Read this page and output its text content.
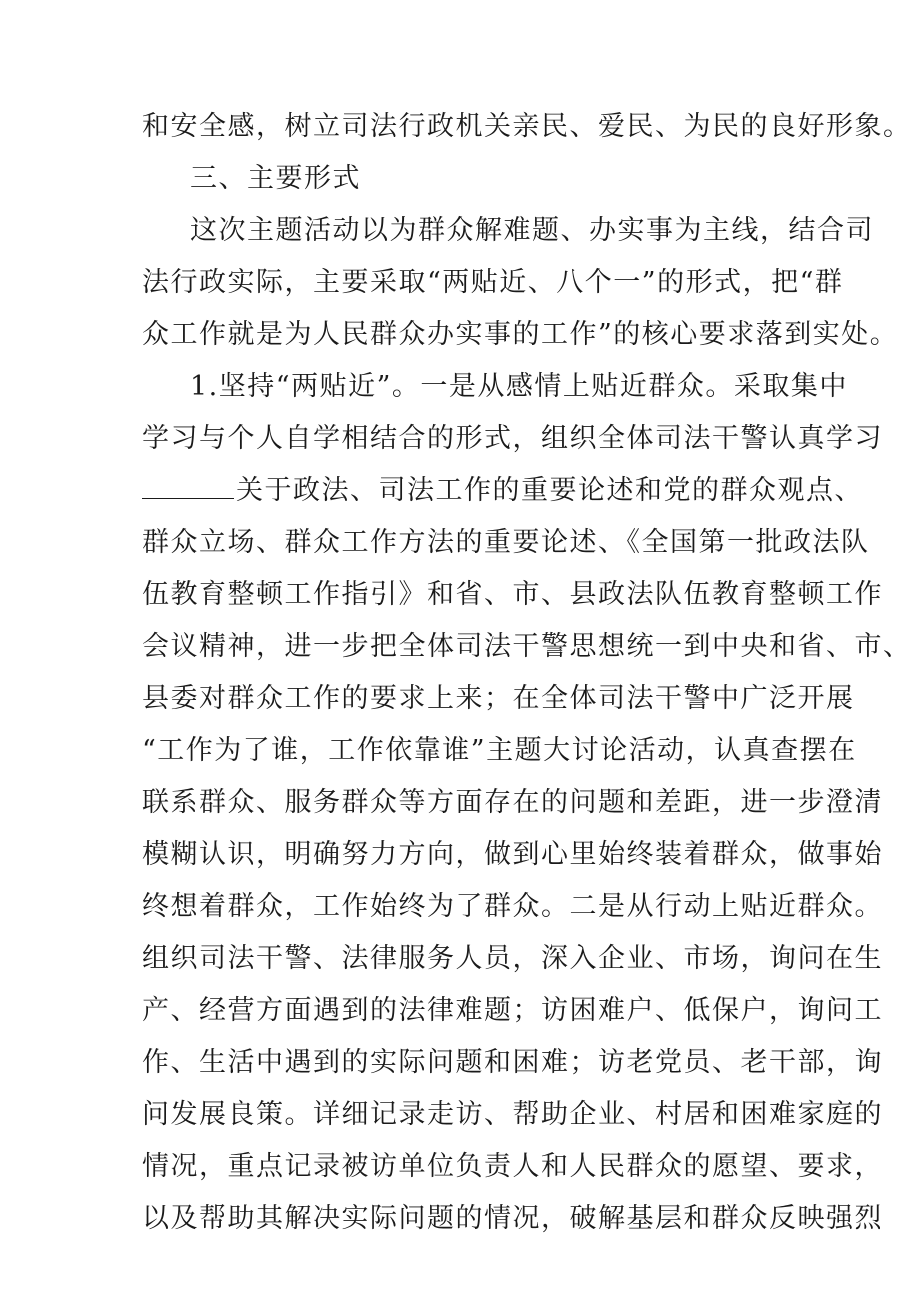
和安全感，树立司法行政机关亲民、爱民、为民的良好形象。
三、主要形式
这次主题活动以为群众解难题、办实事为主线，结合司
法行政实际，主要采取“两贴近、八个一”的形式，把“群
众工作就是为人民群众办实事的工作”的核心要求落到实处。
1.坚持“两贴近”。一是从感情上贴近群众。采取集中
学习与个人自学相结合的形式，组织全体司法干警认真学习
关于政法、司法工作的重要论述和党的群众观点、
群众立场、群众工作方法的重要论述、《全国第一批政法队
伍教育整顿工作指引》和省、市、县政法队伍教育整顿工作
会议精神，进一步把全体司法干警思想统一到中央和省、市、
县委对群众工作的要求上来；在全体司法干警中广泛开展
“工作为了谁，工作依靠谁”主题大讨论活动，认真查摆在
联系群众、服务群众等方面存在的问题和差距，进一步澄清
模糊认识，明确努力方向，做到心里始终装着群众，做事始
终想着群众，工作始终为了群众。二是从行动上贴近群众。
组织司法干警、法律服务人员，深入企业、市场，询问在生
产、经营方面遇到的法律难题；访困难户、低保户，询问工
作、生活中遇到的实际问题和困难；访老党员、老干部，询
问发展良策。详细记录走访、帮助企业、村居和困难家庭的
情况，重点记录被访单位负责人和人民群众的愿望、要求，
以及帮助其解决实际问题的情况，破解基层和群众反映强烈
